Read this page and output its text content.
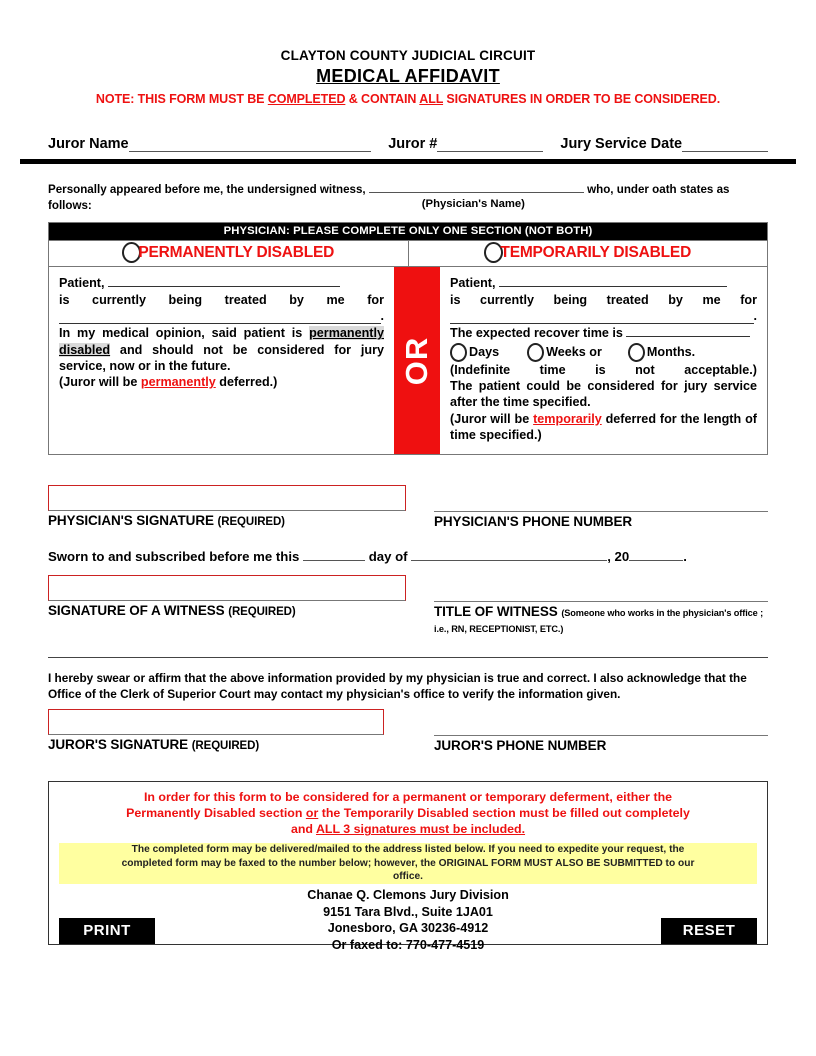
CLAYTON COUNTY JUDICIAL CIRCUIT
MEDICAL AFFIDAVIT
NOTE: THIS FORM MUST BE COMPLETED & CONTAIN ALL SIGNATURES IN ORDER TO BE CONSIDERED.
Juror Name	Juror #	Jury Service Date
Personally appeared before me, the undersigned witness,	who, under oath states as
follows:	(Physician's Name)
PHYSICIAN: PLEASE COMPLETE ONLY ONE SECTION (NOT BOTH)
PERMANENTLY DISABLED	TEMPORARILY DISABLED
Patient,
is currently being treated by me for
.
In my medical opinion, said patient is permanently disabled and should not be considered for jury service, now or in the future.
(Juror will be permanently deferred.)	OR
Patient,
is currently being treated by me for
.
The expected recover time is
Days	Weeks or	Months.
(Indefinite time is not acceptable.)
The patient could be considered for jury service after the time specified.
(Juror will be temporarily deferred for the length of time specified.)
PHYSICIAN'S SIGNATURE (REQUIRED)	PHYSICIAN'S PHONE NUMBER
Sworn to and subscribed before me this	day of	, 20	.
SIGNATURE OF A WITNESS (REQUIRED)	TITLE OF WITNESS (Someone who works in the physician's office ; i.e., RN, RECEPTIONIST, ETC.)
I hereby swear or affirm that the above information provided by my physician is true and correct. I also acknowledge that the Office of the Clerk of Superior Court may contact my physician's office to verify the information given.
JUROR'S SIGNATURE (REQUIRED)	JUROR'S PHONE NUMBER
In order for this form to be considered for a permanent or temporary deferment, either the
Permanently Disabled section or the Temporarily Disabled section must be filled out completely
and ALL 3 signatures must be included.
The completed form may be delivered/mailed to the address listed below. If you need to expedite your request, the
completed form may be faxed to the number below; however, the ORIGINAL FORM MUST ALSO BE SUBMITTED to our
office.
Chanae Q. Clemons Jury Division
9151 Tara Blvd., Suite 1JA01
Jonesboro, GA 30236-4912
Or faxed to: 770-477-4519
PRINT	RESET
